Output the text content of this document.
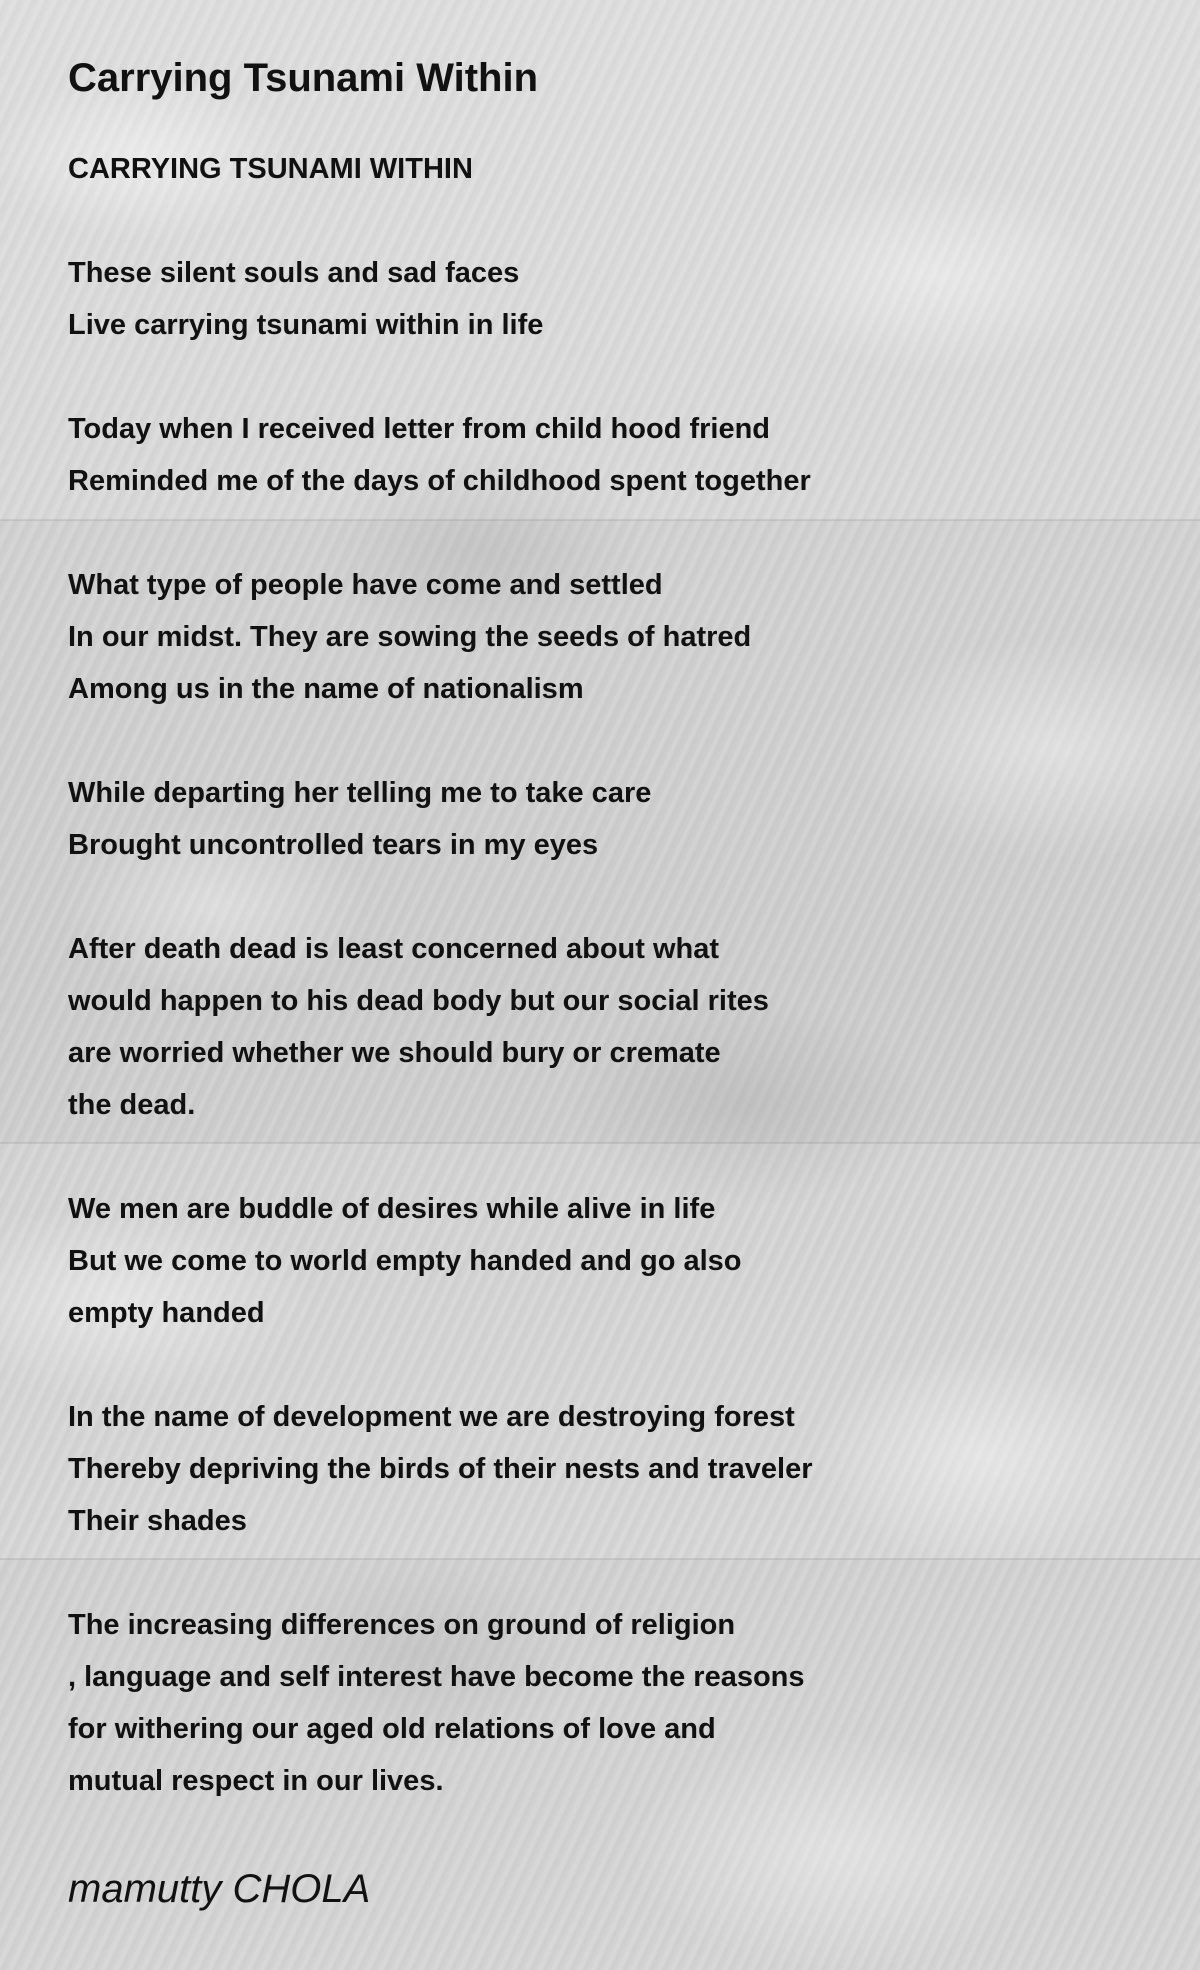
Carrying Tsunami Within
CARRYING TSUNAMI WITHIN
These silent souls and sad faces
Live carrying tsunami within in life
Today when I received letter from child hood friend
Reminded me of the days of childhood spent together
What type of people have come and settled
In our midst. They are sowing the seeds of hatred
Among us in the name of nationalism
While departing her telling me to take care
Brought uncontrolled tears in my eyes
After death dead is least concerned about what
would happen to his dead body but our social rites
are worried whether we should bury or cremate
the dead.
We men are buddle of desires while alive in life
But we come to world empty handed and go also
empty handed
In the name of development we are destroying forest
Thereby depriving the birds of their nests and traveler
Their shades
The increasing differences on ground of religion
, language and self interest have become the reasons
for withering our aged old relations of love and
mutual respect in our lives.
mamutty CHOLA
